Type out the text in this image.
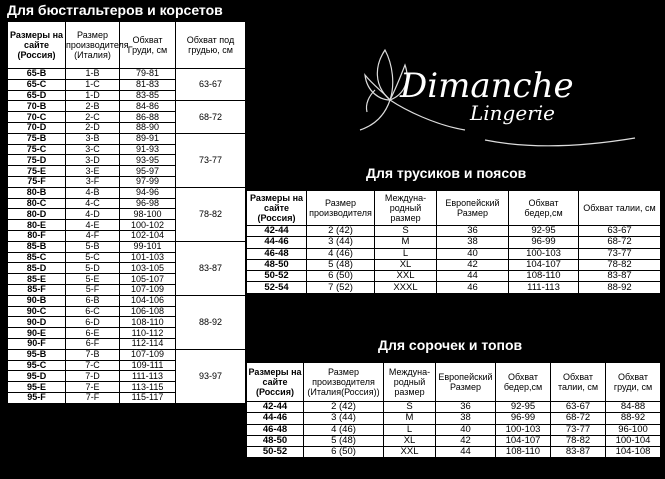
Для бюстгальтеров и корсетов
Размеры на сайте (Россия)	Размер производителя (Италия)	Обхват Груди, см	Обхват под грудью, см
65-B	1-B	79-81	63-67
65-C	1-C	81-83	
65-D	1-D	83-85	
70-B	2-B	84-86	68-72
70-C	2-C	86-88	
70-D	2-D	88-90	
75-B	3-B	89-91	73-77
75-C	3-C	91-93	
75-D	3-D	93-95	
75-E	3-E	95-97	
75-F	3-F	97-99	
80-B	4-B	94-96	78-82
80-C	4-C	96-98	
80-D	4-D	98-100	
80-E	4-E	100-102	
80-F	4-F	102-104	
85-B	5-B	99-101	83-87
85-C	5-C	101-103	
85-D	5-D	103-105	
85-E	5-E	105-107	
85-F	5-F	107-109	
90-B	6-B	104-106	88-92
90-C	6-C	106-108	
90-D	6-D	108-110	
90-E	6-E	110-112	
90-F	6-F	112-114	
95-B	7-B	107-109	93-97
95-C	7-C	109-111	
95-D	7-D	111-113	
95-E	7-E	113-115	
95-F	7-F	115-117	
Dimanche
Lingerie
Для трусиков и поясов
Размеры на сайте (Россия)	Размер производителя	Междуна-родный размер	Европейский Размер	Обхват бедер,см	Обхват талии, см
42-44	2 (42)	S	36	92-95	63-67
44-46	3 (44)	M	38	96-99	68-72
46-48	4 (46)	L	40	100-103	73-77
48-50	5 (48)	XL	42	104-107	78-82
50-52	6 (50)	XXL	44	108-110	83-87
52-54	7 (52)	XXXL	46	111-113	88-92
Для сорочек и топов
Размеры на сайте (Россия)	Размер производителя (Италия(Россия))	Междуна-родный размер	Европейский Размер	Обхват бедер,см	Обхват талии, см	Обхват груди, см
42-44	2 (42)	S	36	92-95	63-67	84-88
44-46	3 (44)	M	38	96-99	68-72	88-92
46-48	4 (46)	L	40	100-103	73-77	96-100
48-50	5 (48)	XL	42	104-107	78-82	100-104
50-52	6 (50)	XXL	44	108-110	83-87	104-108
